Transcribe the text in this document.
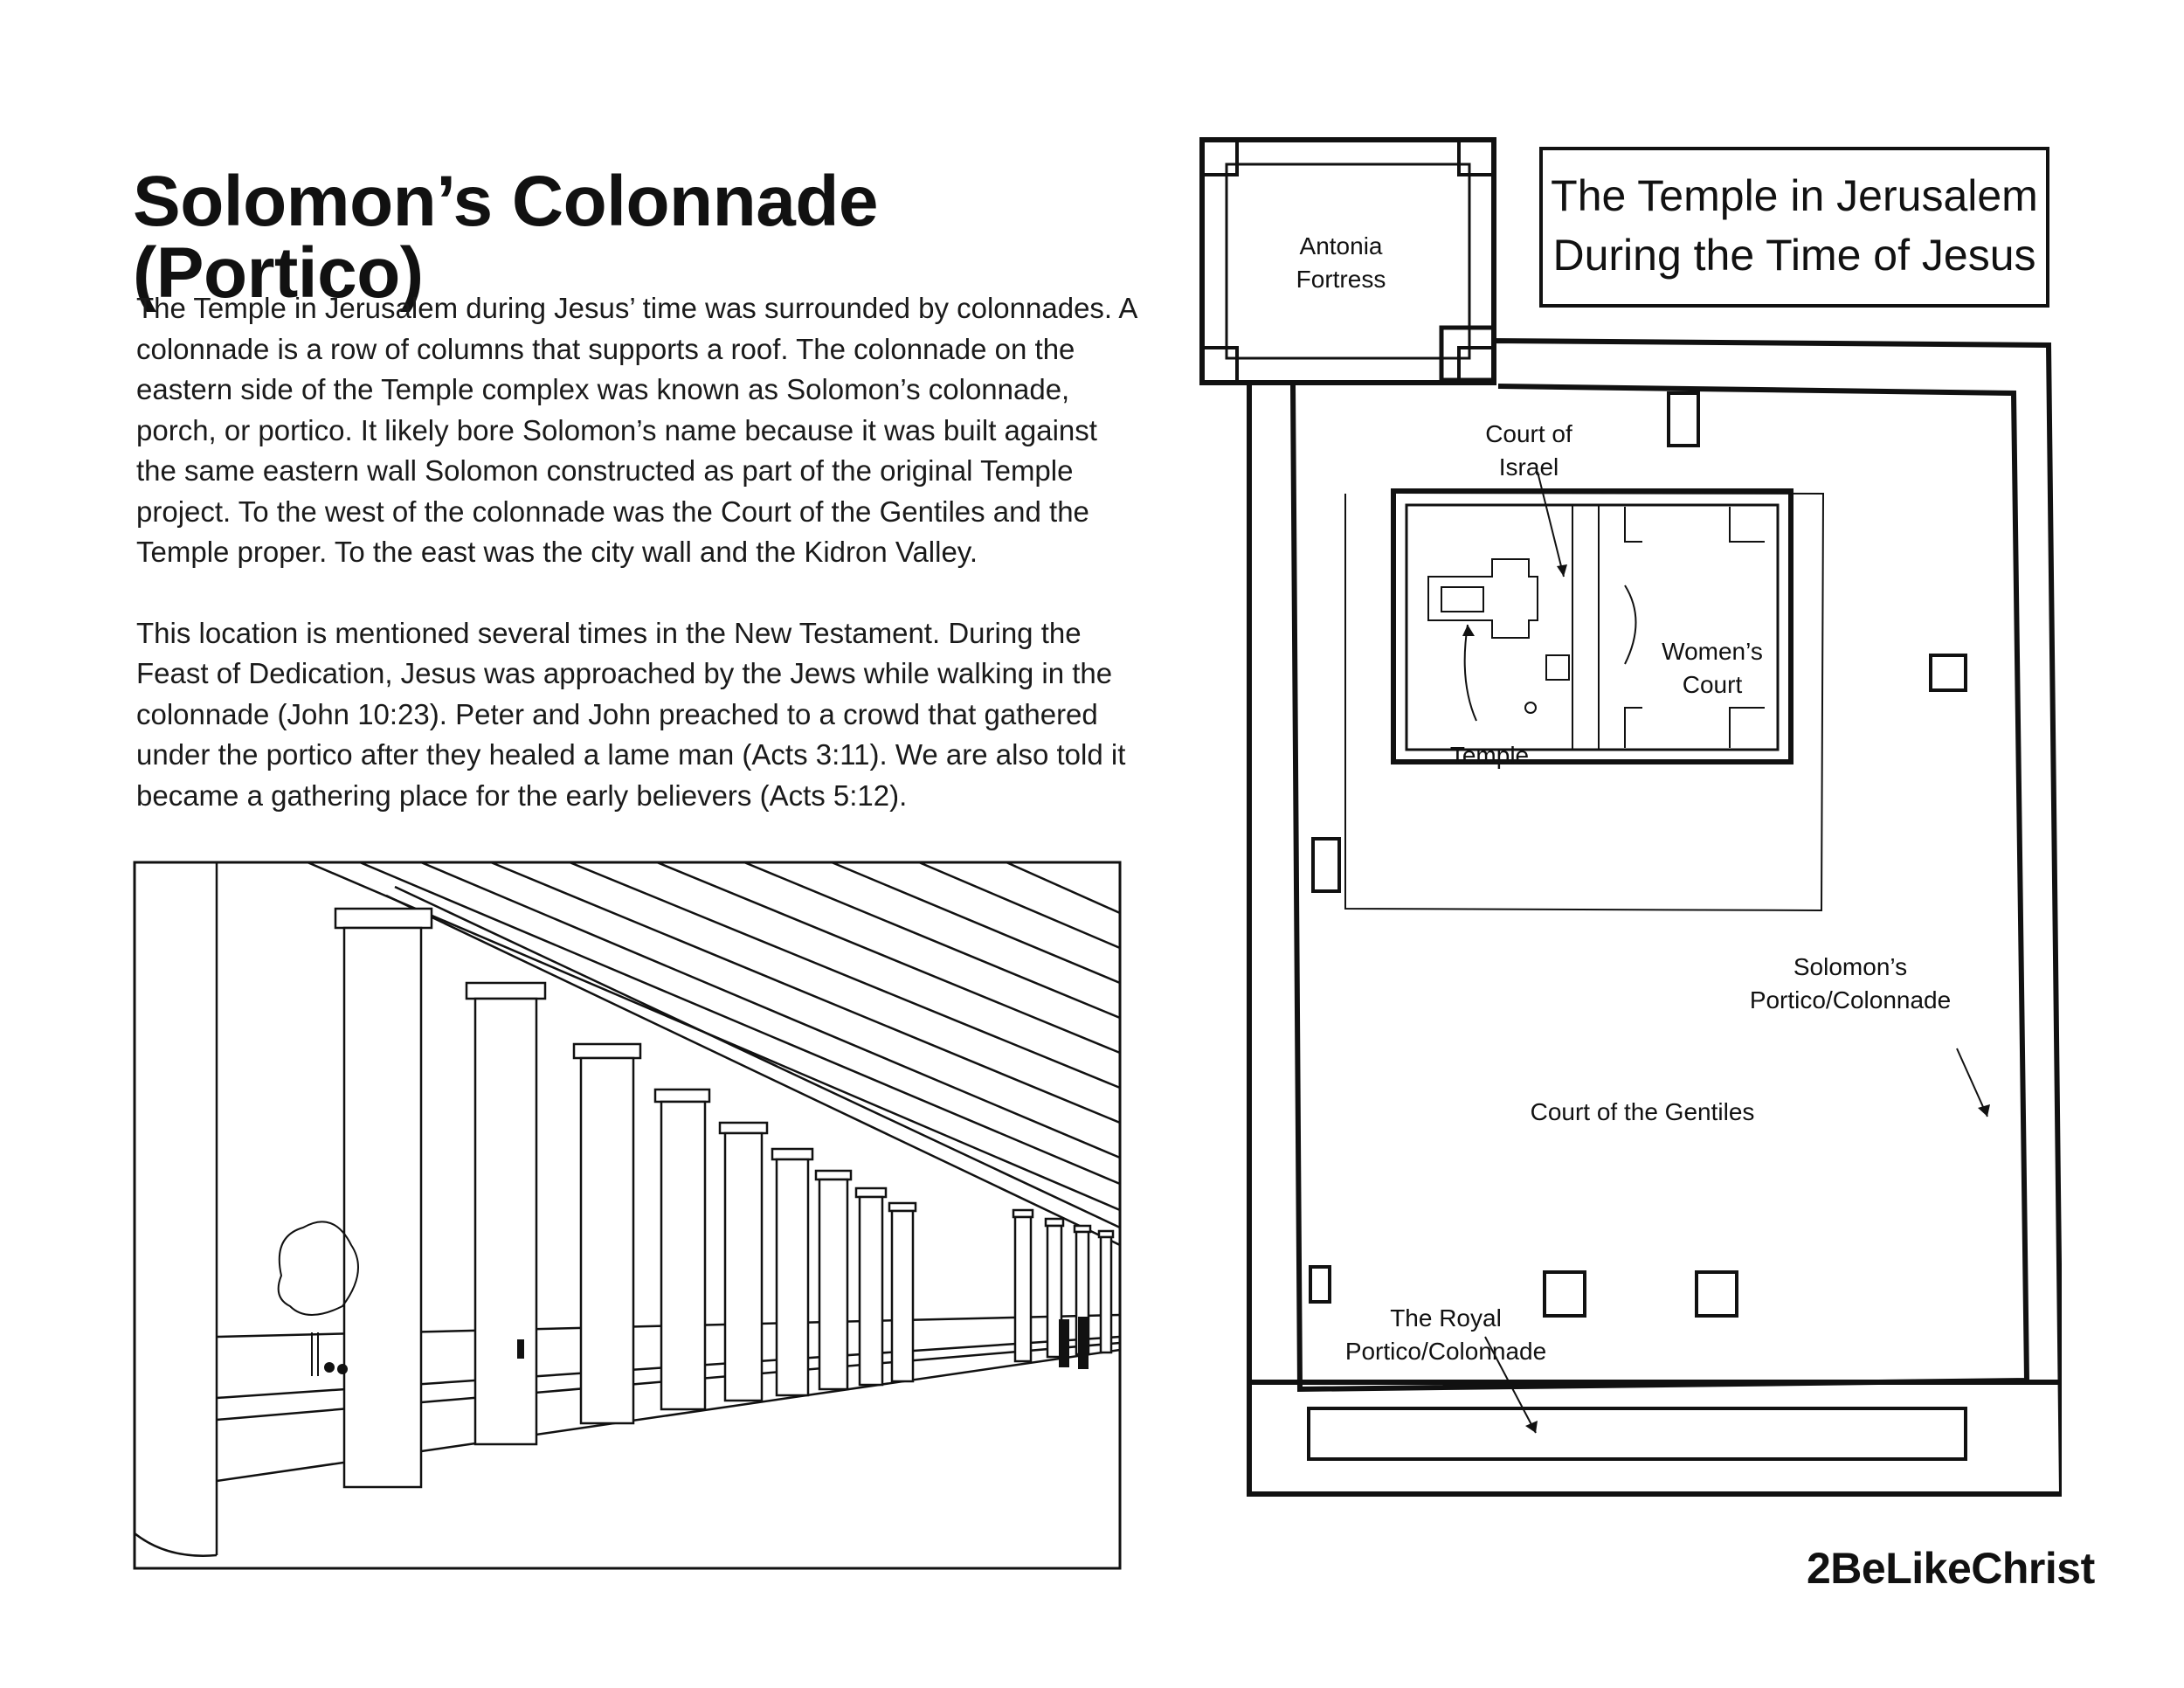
Solomon’s Colonnade (Portico)

The Temple in Jerusalem during Jesus’ time was surrounded by colonnades. A colonnade is a row of columns that supports a roof. The colonnade on the eastern side of the Temple complex was known as Solomon’s colonnade, porch, or portico. It likely bore Solomon’s name because it was built against the same eastern wall Solomon constructed as part of the original Temple project. To the west of the colonnade was the Court of the Gentiles and the Temple proper. To the east was the city wall and the Kidron Valley.

This location is mentioned several times in the New Testament. During the Feast of Dedication, Jesus was approached by the Jews while walking in the colonnade (John 10:23). Peter and John preached to a crowd that gathered under the portico after they healed a lame man (Acts 3:11). We are also told it became a gathering place for the early believers (Acts 5:12).

The Temple in Jerusalem
During the Time of Jesus
Antonia
Fortress
Court of
Israel
Women’s
Court
Temple
Solomon’s
Portico/Colonnade
Court of the Gentiles
The Royal
Portico/Colonnade
2BeLikeChrist
